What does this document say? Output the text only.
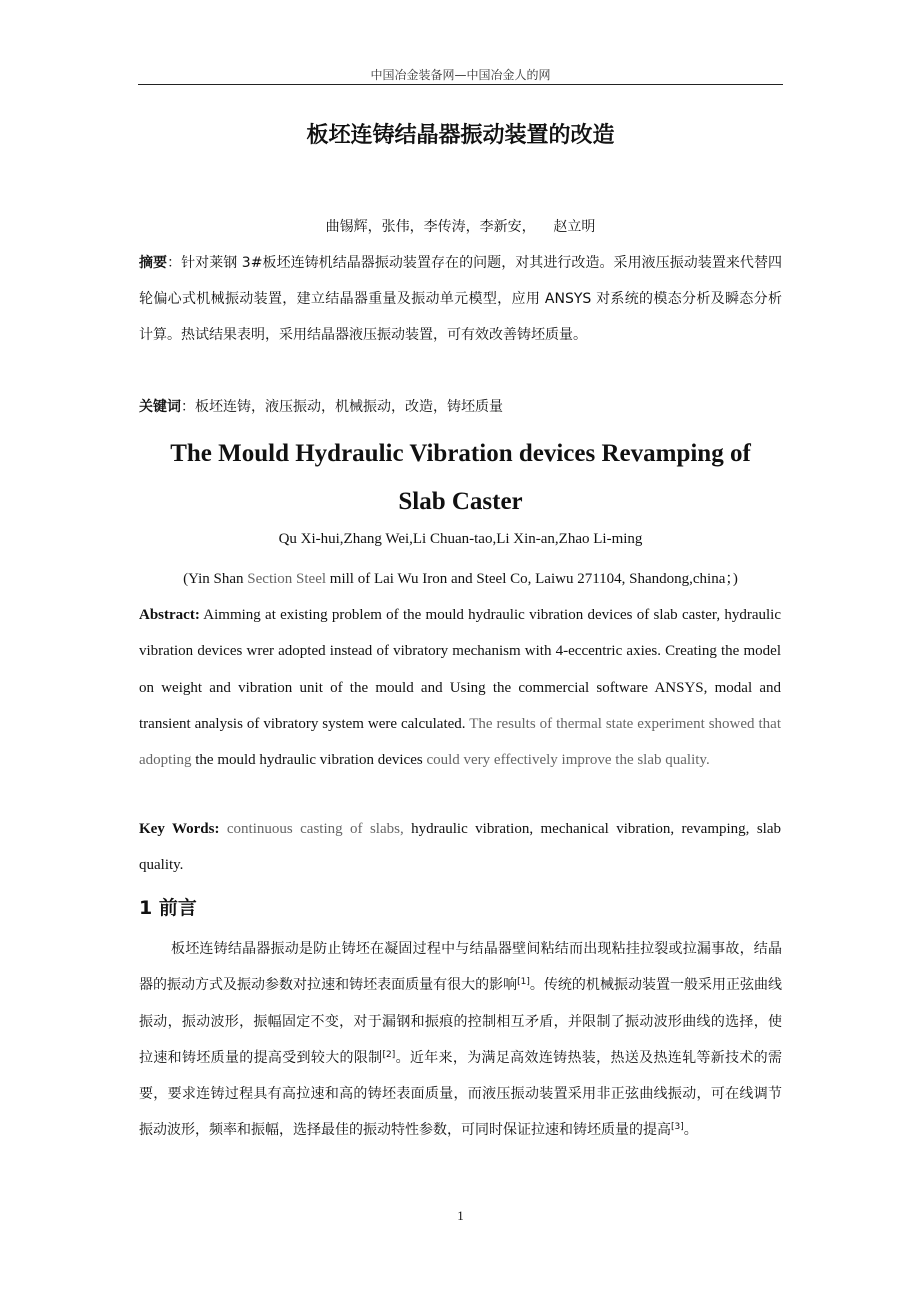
中国冶金装备网—中国冶金人的网
板坯连铸结晶器振动装置的改造
曲锡辉，张伟，李传涛，李新安，    赵立明
摘要：针对莱钢 3#板坯连铸机结晶器振动装置存在的问题，对其进行改造。采用液压振动装置来代替四轮偏心式机械振动装置，建立结晶器重量及振动单元模型，应用 ANSYS 对系统的模态分析及瞬态分析计算。热试结果表明，采用结晶器液压振动装置，可有效改善铸坯质量。
关键词：板坯连铸，液压振动，机械振动，改造，铸坯质量
The Mould Hydraulic Vibration devices Revamping of
Slab Caster
Qu Xi-hui,Zhang Wei,Li Chuan-tao,Li Xin-an,Zhao Li-ming
(Yin Shan Section Steel mill of Lai Wu Iron and Steel Co, Laiwu 271104, Shandong,china；)
Abstract: Aimming at existing problem of the mould hydraulic vibration devices of slab caster, hydraulic vibration devices wrer adopted instead of vibratory mechanism with 4-eccentric axies. Creating the model on weight and vibration unit of the mould and Using the commercial software ANSYS, modal and transient analysis of vibratory system were calculated. The results of thermal state experiment showed that adopting the mould hydraulic vibration devices could very effectively improve the slab quality.
Key Words: continuous casting of slabs, hydraulic vibration, mechanical vibration, revamping, slab quality.
1 前言
板坯连铸结晶器振动是防止铸坯在凝固过程中与结晶器壁间粘结而出现粘挂拉裂或拉漏事故，结晶器的振动方式及振动参数对拉速和铸坯表面质量有很大的影响[1]。传统的机械振动装置一般采用正弦曲线振动，振动波形，振幅固定不变，对于漏钢和振痕的控制相互矛盾，并限制了振动波形曲线的选择，使拉速和铸坯质量的提高受到较大的限制[2]。近年来，为满足高效连铸热装，热送及热连轧等新技术的需要，要求连铸过程具有高拉速和高的铸坯表面质量，而液压振动装置采用非正弦曲线振动，可在线调节振动波形，频率和振幅，选择最佳的振动特性参数，可同时保证拉速和铸坯质量的提高[3]。
1
